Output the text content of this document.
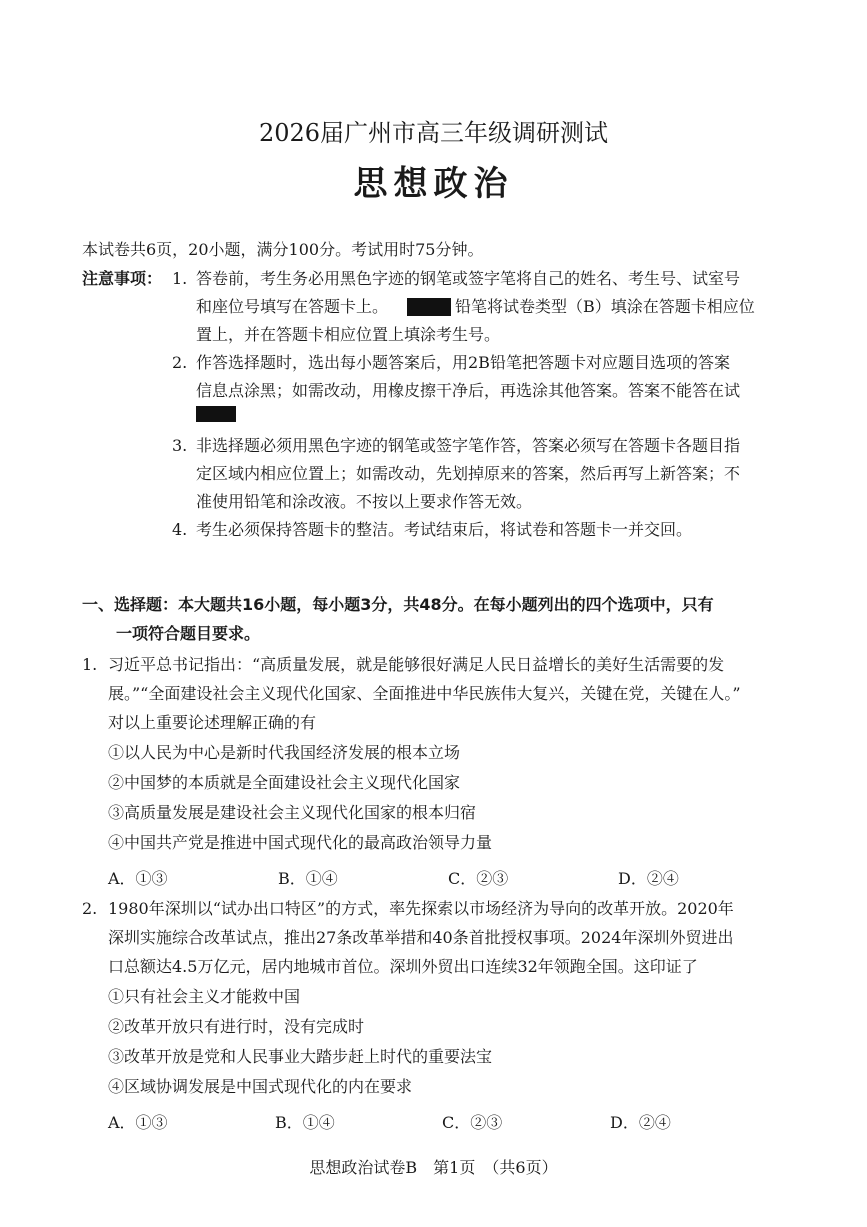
2026届广州市高三年级调研测试
思想政治
本试卷共6页，20小题，满分100分。考试用时75分钟。
注意事项： 1. 答卷前，考生务必用黑色字迹的钢笔或签字笔将自己的姓名、考生号、试室号
和座位号填写在答题卡上。	铅笔将试卷类型（B）填涂在答题卡相应位
置上，并在答题卡相应位置上填涂考生号。
2. 作答选择题时，选出每小题答案后，用2B铅笔把答题卡对应题目选项的答案
信息点涂黑；如需改动，用橡皮擦干净后，再选涂其他答案。答案不能答在试
3. 非选择题必须用黑色字迹的钢笔或签字笔作答，答案必须写在答题卡各题目指
定区域内相应位置上；如需改动，先划掉原来的答案，然后再写上新答案；不
准使用铅笔和涂改液。不按以上要求作答无效。
4. 考生必须保持答题卡的整洁。考试结束后，将试卷和答题卡一并交回。
一、选择题：本大题共16小题，每小题3分，共48分。在每小题列出的四个选项中，只有
一项符合题目要求。
1. 习近平总书记指出：“高质量发展，就是能够很好满足人民日益增长的美好生活需要的发
展。”“全面建设社会主义现代化国家、全面推进中华民族伟大复兴，关键在党，关键在人。”
对以上重要论述理解正确的有
①以人民为中心是新时代我国经济发展的根本立场
②中国梦的本质就是全面建设社会主义现代化国家
③高质量发展是建设社会主义现代化国家的根本归宿
④中国共产党是推进中国式现代化的最高政治领导力量
A．①③	B．①④	C．②③	D．②④
2. 1980年深圳以“试办出口特区”的方式，率先探索以市场经济为导向的改革开放。2020年
深圳实施综合改革试点，推出27条改革举措和40条首批授权事项。2024年深圳外贸进出
口总额达4.5万亿元，居内地城市首位。深圳外贸出口连续32年领跑全国。这印证了
①只有社会主义才能救中国
②改革开放只有进行时，没有完成时
③改革开放是党和人民事业大踏步赶上时代的重要法宝
④区域协调发展是中国式现代化的内在要求
A．①③	B．①④	C．②③	D．②④
思想政治试卷B　第1页　（共6页）
